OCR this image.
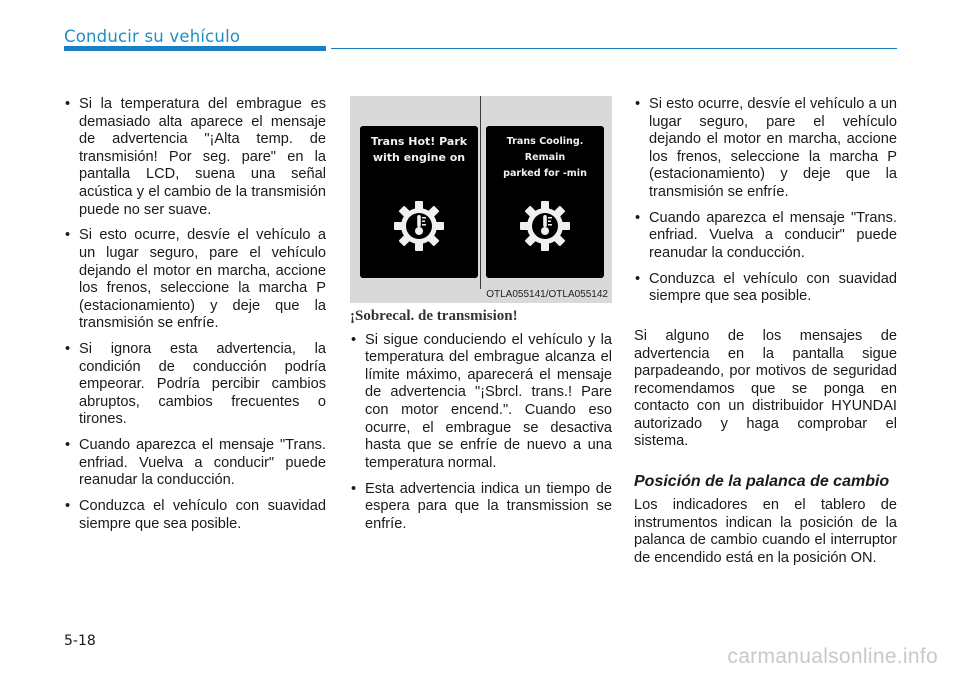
Conducir su vehículo
• Si la temperatura del embrague es demasiado alta aparece el mensaje de advertencia "¡Alta temp. de transmisión! Por seg. pare" en la pantalla LCD, suena una señal acústica y el cambio de la transmisión puede no ser suave.
• Si esto ocurre, desvíe el vehículo a un lugar seguro, pare el vehículo dejando el motor en marcha, accione los frenos, seleccione la marcha P (estacionamiento) y deje que la transmisión se enfríe.
• Si ignora esta advertencia, la condición de conducción podría empeorar. Podría percibir cambios abruptos, cambios frecuentes o tirones.
• Cuando aparezca el mensaje "Trans. enfriad. Vuelva a conducir" puede reanudar la conducción.
• Conduzca el vehículo con suavidad siempre que sea posible.
Trans Hot! Park
with engine on
Trans Cooling. Remain
parked for -min
OTLA055141/OTLA055142
¡Sobrecal. de transmision!
• Si sigue conduciendo el vehículo y la temperatura del embrague alcanza el límite máximo, aparecerá el mensaje de advertencia "¡Sbrcl. trans.! Pare con motor encend.". Cuando eso ocurre, el embrague se desactiva hasta que se enfríe de nuevo a una temperatura normal.
• Esta advertencia indica un tiempo de espera para que la transmission se enfríe.
• Si esto ocurre, desvíe el vehículo a un lugar seguro, pare el vehículo dejando el motor en marcha, accione los frenos, seleccione la marcha P (estacionamiento) y deje que la transmisión se enfríe.
• Cuando aparezca el mensaje "Trans. enfriad. Vuelva a conducir" puede reanudar la conducción.
• Conduzca el vehículo con suavidad siempre que sea posible.

Si alguno de los mensajes de advertencia en la pantalla sigue parpadeando, por motivos de seguridad recomendamos que se ponga en contacto con un distribuidor HYUNDAI autorizado y haga comprobar el sistema.

Posición de la palanca de cambio

Los indicadores en el tablero de instrumentos indican la posición de la palanca de cambio cuando el interruptor de encendido está en la posición ON.

5-18
carmanualsonline.info
